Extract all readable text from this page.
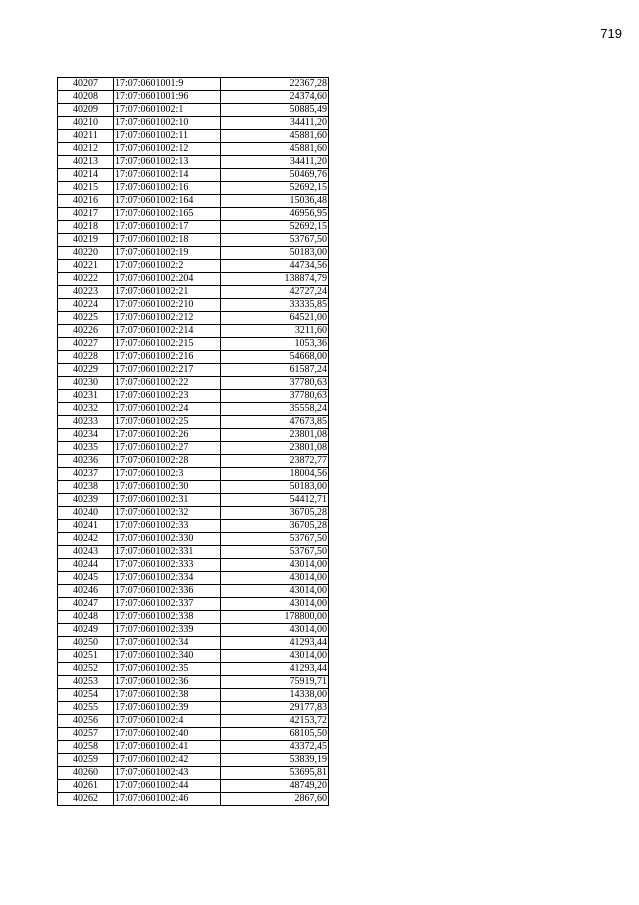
719
40207	17:07:0601001:9	22367,28
40208	17:07:0601001:96	24374,60
40209	17:07:0601002:1	50885,49
40210	17:07:0601002:10	34411,20
40211	17:07:0601002:11	45881,60
40212	17:07:0601002:12	45881,60
40213	17:07:0601002:13	34411,20
40214	17:07:0601002:14	50469,76
40215	17:07:0601002:16	52692,15
40216	17:07:0601002:164	15036,48
40217	17:07:0601002:165	46956,95
40218	17:07:0601002:17	52692,15
40219	17:07:0601002:18	53767,50
40220	17:07:0601002:19	50183,00
40221	17:07:0601002:2	44734,56
40222	17:07:0601002:204	138874,79
40223	17:07:0601002:21	42727,24
40224	17:07:0601002:210	33335,85
40225	17:07:0601002:212	64521,00
40226	17:07:0601002:214	3211,60
40227	17:07:0601002:215	1053,36
40228	17:07:0601002:216	54668,00
40229	17:07:0601002:217	61587,24
40230	17:07:0601002:22	37780,63
40231	17:07:0601002:23	37780,63
40232	17:07:0601002:24	35558,24
40233	17:07:0601002:25	47673,85
40234	17:07:0601002:26	23801,08
40235	17:07:0601002:27	23801,08
40236	17:07:0601002:28	23872,77
40237	17:07:0601002:3	18004,56
40238	17:07:0601002:30	50183,00
40239	17:07:0601002:31	54412,71
40240	17:07:0601002:32	36705,28
40241	17:07:0601002:33	36705,28
40242	17:07:0601002:330	53767,50
40243	17:07:0601002:331	53767,50
40244	17:07:0601002:333	43014,00
40245	17:07:0601002:334	43014,00
40246	17:07:0601002:336	43014,00
40247	17:07:0601002:337	43014,00
40248	17:07:0601002:338	178800,00
40249	17:07:0601002:339	43014,00
40250	17:07:0601002:34	41293,44
40251	17:07:0601002:340	43014,00
40252	17:07:0601002:35	41293,44
40253	17:07:0601002:36	75919,71
40254	17:07:0601002:38	14338,00
40255	17:07:0601002:39	29177,83
40256	17:07:0601002:4	42153,72
40257	17:07:0601002:40	68105,50
40258	17:07:0601002:41	43372,45
40259	17:07:0601002:42	53839,19
40260	17:07:0601002:43	53695,81
40261	17:07:0601002:44	48749,20
40262	17:07:0601002:46	2867,60
